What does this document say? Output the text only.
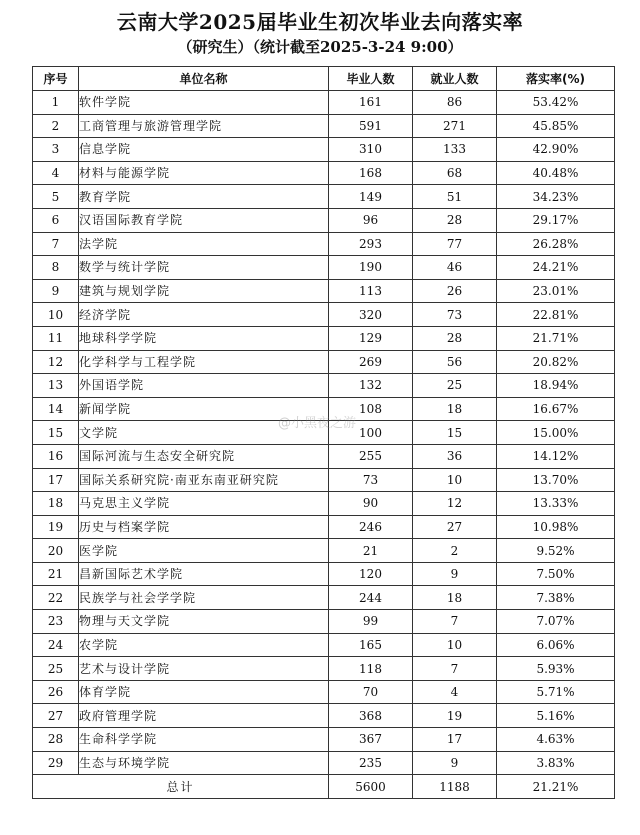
云南大学2025届毕业生初次毕业去向落实率
（研究生）（统计截至2025-3-24 9:00）
序号	单位名称	毕业人数	就业人数	落实率(%)
1	软件学院	161	86	53.42%
2	工商管理与旅游管理学院	591	271	45.85%
3	信息学院	310	133	42.90%
4	材料与能源学院	168	68	40.48%
5	教育学院	149	51	34.23%
6	汉语国际教育学院	96	28	29.17%
7	法学院	293	77	26.28%
8	数学与统计学院	190	46	24.21%
9	建筑与规划学院	113	26	23.01%
10	经济学院	320	73	22.81%
11	地球科学学院	129	28	21.71%
12	化学科学与工程学院	269	56	20.82%
13	外国语学院	132	25	18.94%
14	新闻学院	108	18	16.67%
15	文学院	100	15	15.00%
16	国际河流与生态安全研究院	255	36	14.12%
17	国际关系研究院·南亚东南亚研究院	73	10	13.70%
18	马克思主义学院	90	12	13.33%
19	历史与档案学院	246	27	10.98%
20	医学院	21	2	9.52%
21	昌新国际艺术学院	120	9	7.50%
22	民族学与社会学学院	244	18	7.38%
23	物理与天文学院	99	7	7.07%
24	农学院	165	10	6.06%
25	艺术与设计学院	118	7	5.93%
26	体育学院	70	4	5.71%
27	政府管理学院	368	19	5.16%
28	生命科学学院	367	17	4.63%
29	生态与环境学院	235	9	3.83%
总计		5600	1188	21.21%
@小黑夜之游
